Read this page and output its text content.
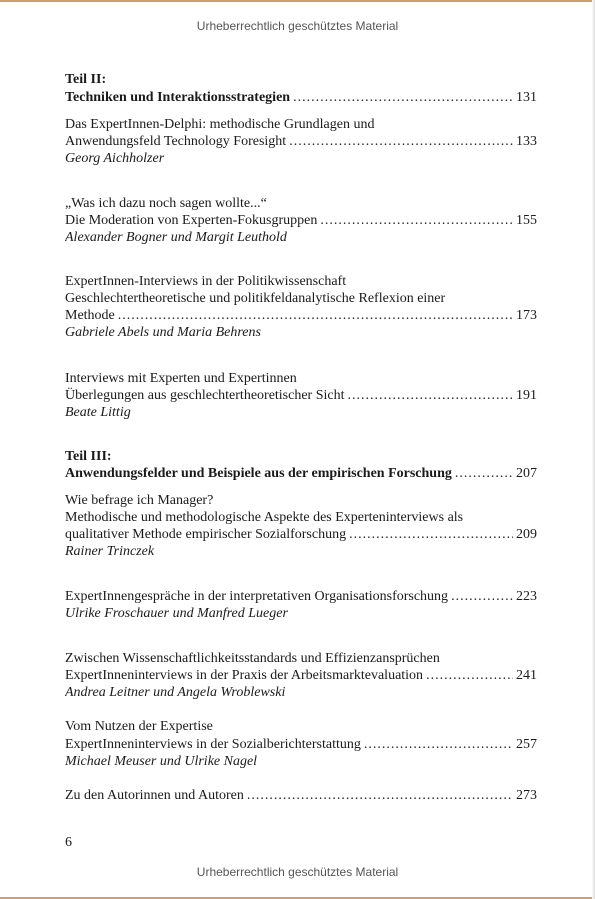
Urheberrechtlich geschütztes Material
Teil II:
Techniken und Interaktionsstrategien .....	131
Das ExpertInnen-Delphi: methodische Grundlagen und
Anwendungsfeld Technology Foresight .....	133
Georg Aichholzer
„Was ich dazu noch sagen wollte...“
Die Moderation von Experten-Fokusgruppen .....	155
Alexander Bogner und Margit Leuthold
ExpertInnen-Interviews in der Politikwissenschaft
Geschlechtertheoretische und politikfeldanalytische Reflexion einer
Methode .....	173
Gabriele Abels und Maria Behrens
Interviews mit Experten und Expertinnen
Überlegungen aus geschlechtertheoretischer Sicht .....	191
Beate Littig
Teil III:
Anwendungsfelder und Beispiele aus der empirischen Forschung .....	207
Wie befrage ich Manager?
Methodische und methodologische Aspekte des Experteninterviews als
qualitativer Methode empirischer Sozialforschung .....	209
Rainer Trinczek
ExpertInnengespräche in der interpretativen Organisationsforschung .....	223
Ulrike Froschauer und Manfred Lueger
Zwischen Wissenschaftlichkeitsstandards und Effizienzansprüchen
ExpertInneninterviews in der Praxis der Arbeitsmarktevaluation .....	241
Andrea Leitner und Angela Wroblewski
Vom Nutzen der Expertise
ExpertInneninterviews in der Sozialberichterstattung .....	257
Michael Meuser und Ulrike Nagel
Zu den Autorinnen und Autoren .....	273
6
Urheberrechtlich geschütztes Material
